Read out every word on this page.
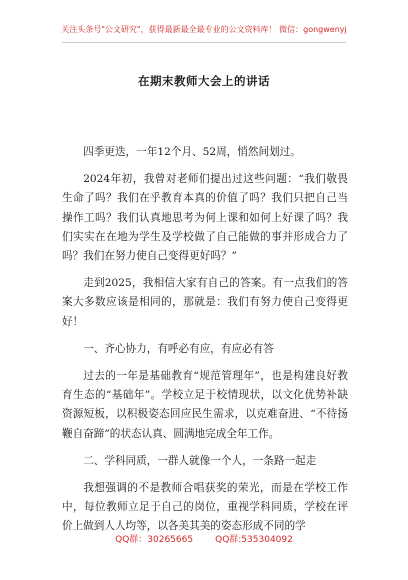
关注头条号"公文研究"，获得最新最全最专业的公文资料库！ 微信：gongwenyj
在期末教师大会上的讲话

四季更迭，一年12个月、52周，悄然间划过。

2024年初，我曾对老师们提出过这些问题：“我们敬畏生命了吗？我们在乎教育本真的价值了吗？我们只把自己当操作工吗？我们认真地思考为何上课和如何上好课了吗？我们实实在在地为学生及学校做了自己能做的事并形成合力了吗？我们在努力使自己变得更好吗？”

走到2025，我相信大家有自己的答案。有一点我们的答案大多数应该是相同的，那就是：我们有努力使自己变得更好！

一、齐心协力，有呼必有应，有应必有答

过去的一年是基础教育“规范管理年”，也是构建良好教育生态的“基础年”。学校立足于校情现状，以文化优势补缺资源短板，以积极姿态回应民生需求，以克难奋进、“不待扬鞭自奋蹄”的状态认真、圆满地完成全年工作。

二、学科同质，一群人就像一个人，一条路一起走

我想强调的不是教师合唱获奖的荣光，而是在学校工作中，每位教师立足于自己的岗位，重视学科同质，学校在评价上做到人人均等，以各美其美的姿态形成不同的学

QQ群：30265665 QQ群:535304092
